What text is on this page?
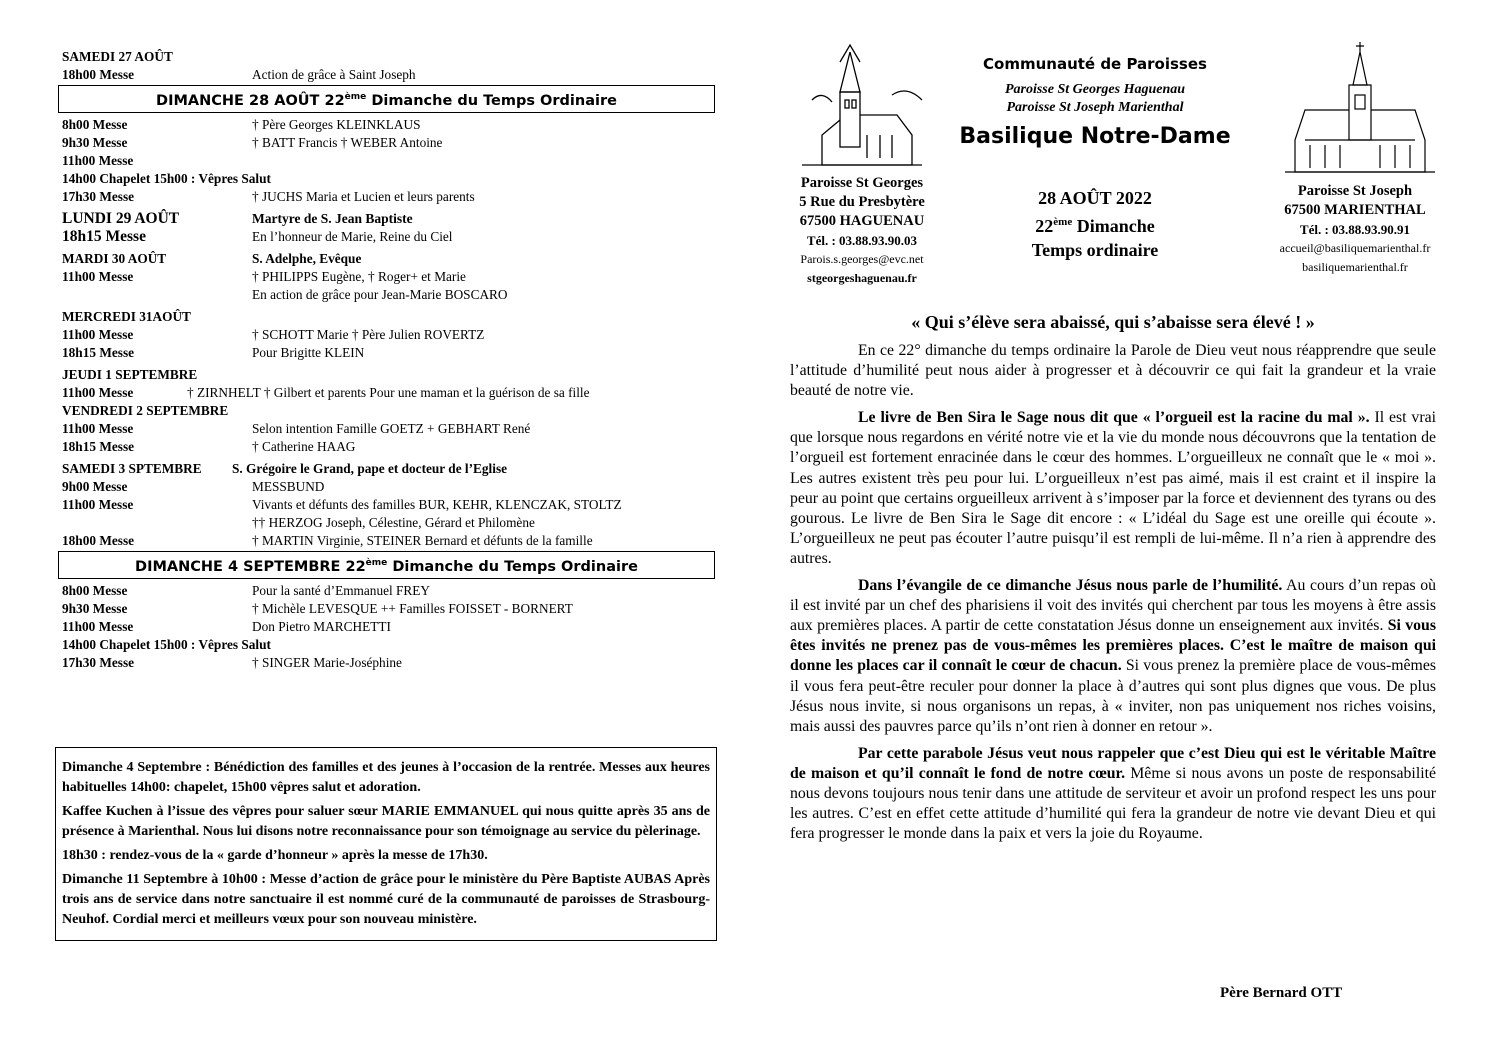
SAMEDI 27 AOÛT
18h00 Messe	Action de grâce à Saint Joseph
DIMANCHE 28 AOÛT 22ème Dimanche du Temps Ordinaire
8h00 Messe	† Père Georges KLEINKLAUS
9h30 Messe	† BATT Francis † WEBER Antoine
11h00 Messe
14h00 Chapelet 15h00 : Vêpres Salut
17h30 Messe	† JUCHS Maria et Lucien et leurs parents
LUNDI 29 AOÛT	Martyre de S. Jean Baptiste
18h15 Messe	En l’honneur de Marie, Reine du Ciel
MARDI 30 AOÛT	S. Adelphe, Evêque
11h00 Messe	† PHILIPPS Eugène, † Roger+ et Marie
En action de grâce pour Jean-Marie BOSCARO
MERCREDI 31AOÛT
11h00 Messe	† SCHOTT Marie † Père Julien ROVERTZ
18h15 Messe	Pour Brigitte KLEIN
JEUDI 1 SEPTEMBRE
11h00 Messe	† ZIRNHELT † Gilbert et parents Pour une maman et la guérison de sa fille
VENDREDI 2 SEPTEMBRE
11h00 Messe	Selon intention Famille GOETZ + GEBHART René
18h15 Messe	† Catherine HAAG
SAMEDI 3 SPTEMBRE	S. Grégoire le Grand, pape et docteur de l’Eglise
9h00 Messe	MESSBUND
11h00 Messe	Vivants et défunts des familles BUR, KEHR, KLENCZAK, STOLTZ
†† HERZOG Joseph, Célestine, Gérard et Philomène
18h00 Messe	† MARTIN Virginie, STEINER Bernard et défunts de la famille
DIMANCHE 4 SEPTEMBRE 22ème Dimanche du Temps Ordinaire
8h00 Messe	Pour la santé d’Emmanuel FREY
9h30 Messe	† Michèle LEVESQUE ++ Familles FOISSET - BORNERT
11h00 Messe	Don Pietro MARCHETTI
14h00 Chapelet 15h00 : Vêpres Salut
17h30 Messe	† SINGER Marie-Joséphine

Dimanche 4 Septembre : Bénédiction des familles et des jeunes à l’occasion de la rentrée. Messes aux heures habituelles 14h00: chapelet, 15h00 vêpres salut et adoration.

Kaffee Kuchen à l’issue des vêpres pour saluer sœur MARIE EMMANUEL qui nous quitte après 35 ans de présence à Marienthal. Nous lui disons notre reconnaissance pour son témoignage au service du pèlerinage.

18h30 : rendez-vous de la « garde d’honneur » après la messe de 17h30.

Dimanche 11 Septembre à 10h00 : Messe d’action de grâce pour le ministère du Père Baptiste AUBAS Après trois ans de service dans notre sanctuaire il est nommé curé de la communauté de paroisses de Strasbourg- Neuhof. Cordial merci et meilleurs vœux pour son nouveau ministère.

Communauté de Paroisses
Paroisse St Georges Haguenau
Paroisse St Joseph Marienthal
Basilique Notre-Dame
Paroisse St Georges
5 Rue du Presbytère
67500 HAGUENAU
Tél. : 03.88.93.90.03
Parois.s.georges@evc.net
stgeorgeshaguenau.fr
28 AOÛT 2022
22ème Dimanche
Temps ordinaire
Paroisse St Joseph
67500 MARIENTHAL
Tél. : 03.88.93.90.91
accueil@basiliquemarienthal.fr
basiliquemarienthal.fr
« Qui s’élève sera abaissé, qui s’abaisse sera élevé ! »

En ce 22° dimanche du temps ordinaire la Parole de Dieu veut nous réapprendre que seule l’attitude d’humilité peut nous aider à progresser et à découvrir ce qui fait la grandeur et la vraie beauté de notre vie.

Le livre de Ben Sira le Sage nous dit que « l’orgueil est la racine du mal ». Il est vrai que lorsque nous regardons en vérité notre vie et la vie du monde nous découvrons que la tentation de l’orgueil est fortement enracinée dans le cœur des hommes. L’orgueilleux ne connaît que le « moi ». Les autres existent très peu pour lui. L’orgueilleux n’est pas aimé, mais il est craint et il inspire la peur au point que certains orgueilleux arrivent à s’imposer par la force et deviennent des tyrans ou des gourous. Le livre de Ben Sira le Sage dit encore : « L’idéal du Sage est une oreille qui écoute ». L’orgueilleux ne peut pas écouter l’autre puisqu’il est rempli de lui-même. Il n’a rien à apprendre des autres.

Dans l’évangile de ce dimanche Jésus nous parle de l’humilité. Au cours d’un repas où il est invité par un chef des pharisiens il voit des invités qui cherchent par tous les moyens à être assis aux premières places. A partir de cette constatation Jésus donne un enseignement aux invités. Si vous êtes invités ne prenez pas de vous-mêmes les premières places. C’est le maître de maison qui donne les places car il connaît le cœur de chacun. Si vous prenez la première place de vous-mêmes il vous fera peut-être reculer pour donner la place à d’autres qui sont plus dignes que vous. De plus Jésus nous invite, si nous organisons un repas, à « inviter, non pas uniquement nos riches voisins, mais aussi des pauvres parce qu’ils n’ont rien à donner en retour ».

Par cette parabole Jésus veut nous rappeler que c’est Dieu qui est le véritable Maître de maison et qu’il connaît le fond de notre cœur. Même si nous avons un poste de responsabilité nous devons toujours nous tenir dans une attitude de serviteur et avoir un profond respect les uns pour les autres. C’est en effet cette attitude d’humilité qui fera la grandeur de notre vie devant Dieu et qui fera progresser le monde dans la paix et vers la joie du Royaume.

Père Bernard OTT
